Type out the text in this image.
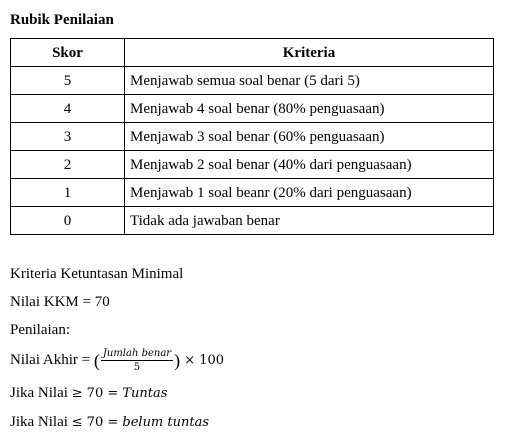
Rubik Penilaian
Skor	Kriteria
5	Menjawab semua soal benar (5 dari 5)
4	Menjawab 4 soal benar (80% penguasaan)
3	Menjawab 3 soal benar (60% penguasaan)
2	Menjawab 2 soal benar (40% dari penguasaan)
1	Menjawab 1 soal beanr (20% dari penguasaan)
0	Tidak ada jawaban benar
Kriteria Ketuntasan Minimal
Nilai KKM = 70
Penilaian:
Nilai Akhir = ( $\frac{\text{Jumlah benar}}{5}$ ) × 100
Jika Nilai ≥ 70 = Tuntas
Jika Nilai ≤ 70 = belum tuntas
